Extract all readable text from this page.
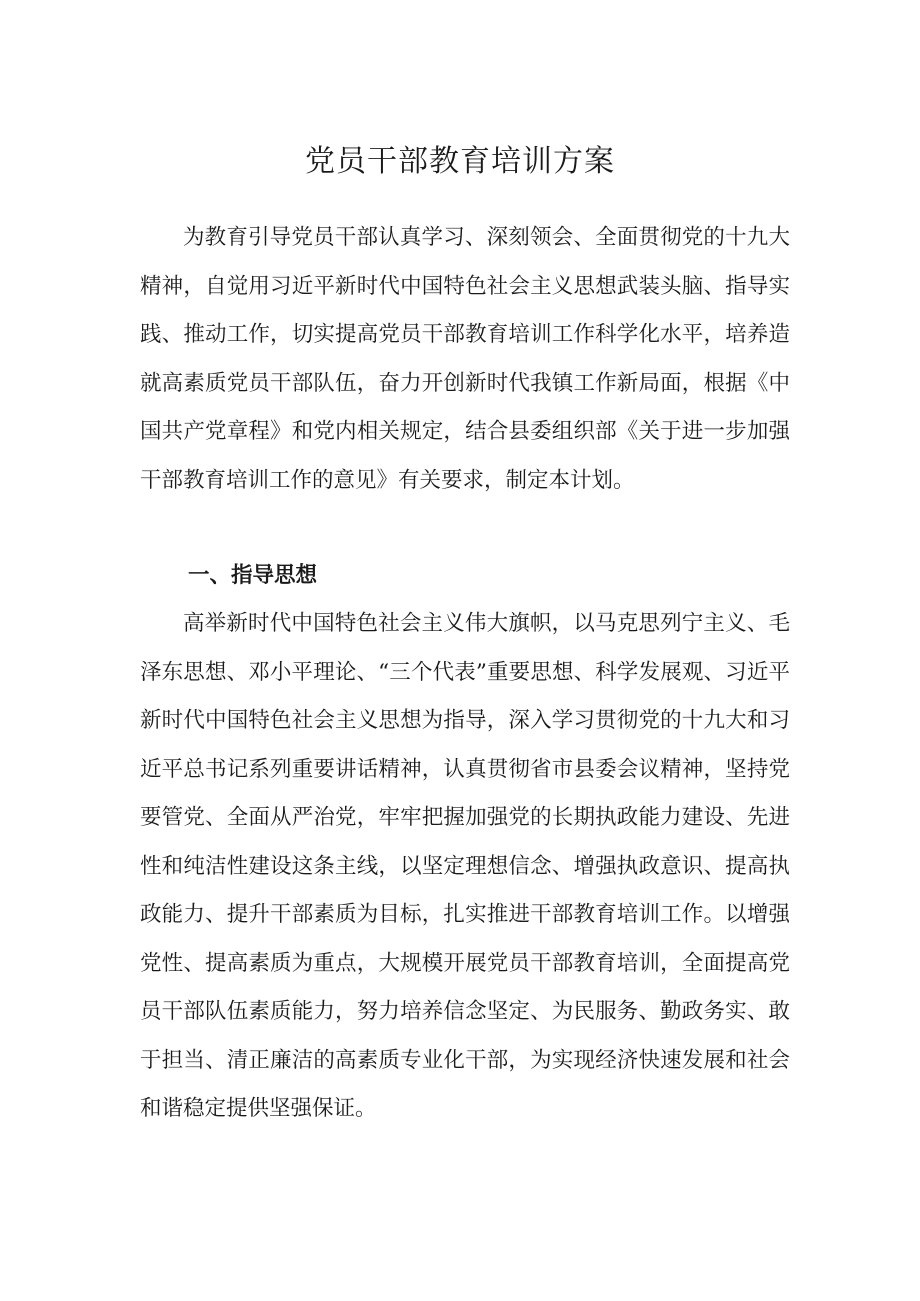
党员干部教育培训方案

为教育引导党员干部认真学习、深刻领会、全面贯彻党的十九大精神，自觉用习近平新时代中国特色社会主义思想武装头脑、指导实践、推动工作，切实提高党员干部教育培训工作科学化水平，培养造就高素质党员干部队伍，奋力开创新时代我镇工作新局面，根据《中国共产党章程》和党内相关规定，结合县委组织部《关于进一步加强干部教育培训工作的意见》有关要求，制定本计划。

一、指导思想

高举新时代中国特色社会主义伟大旗帜，以马克思列宁主义、毛泽东思想、邓小平理论、“三个代表”重要思想、科学发展观、习近平新时代中国特色社会主义思想为指导，深入学习贯彻党的十九大和习近平总书记系列重要讲话精神，认真贯彻省市县委会议精神，坚持党要管党、全面从严治党，牢牢把握加强党的长期执政能力建设、先进性和纯洁性建设这条主线，以坚定理想信念、增强执政意识、提高执政能力、提升干部素质为目标，扎实推进干部教育培训工作。以增强党性、提高素质为重点，大规模开展党员干部教育培训，全面提高党员干部队伍素质能力，努力培养信念坚定、为民服务、勤政务实、敢于担当、清正廉洁的高素质专业化干部，为实现经济快速发展和社会和谐稳定提供坚强保证。
